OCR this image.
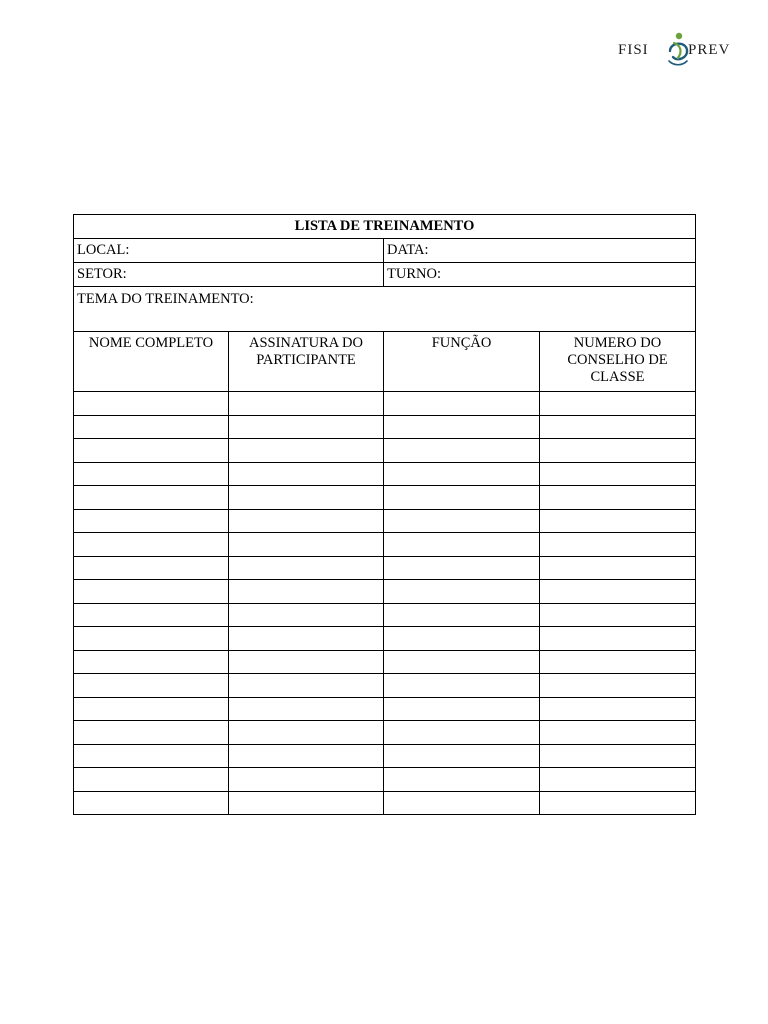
FISI	PREV
LISTA DE TREINAMENTO			
LOCAL:		DATA:	
SETOR:		TURNO:	
TEMA DO TREINAMENTO:			
NOME COMPLETO	ASSINATURA DO PARTICIPANTE	FUNÇÃO	NUMERO DO CONSELHO DE CLASSE
